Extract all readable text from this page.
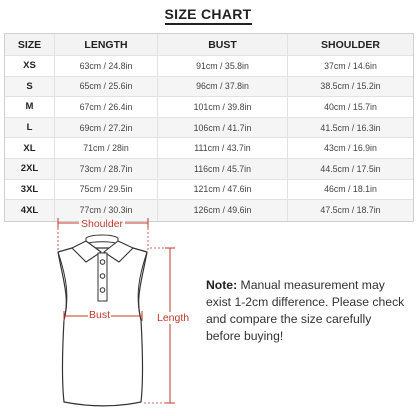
SIZE CHART
SIZE	LENGTH	BUST	SHOULDER
XS	63cm / 24.8in	91cm / 35.8in	37cm / 14.6in
S	65cm / 25.6in	96cm / 37.8in	38.5cm / 15.2in
M	67cm / 26.4in	101cm / 39.8in	40cm / 15.7in
L	69cm / 27.2in	106cm / 41.7in	41.5cm / 16.3in
XL	71cm / 28in	111cm / 43.7in	43cm / 16.9in
2XL	73cm / 28.7in	116cm / 45.7in	44.5cm / 17.5in
3XL	75cm / 29.5in	121cm / 47.6in	46cm / 18.1in
4XL	77cm / 30.3in	126cm / 49.6in	47.5cm / 18.7in
Shoulder
Bust	Length
Note: Manual measurement may exist 1-2cm difference. Please check and compare the size carefully before buying!
